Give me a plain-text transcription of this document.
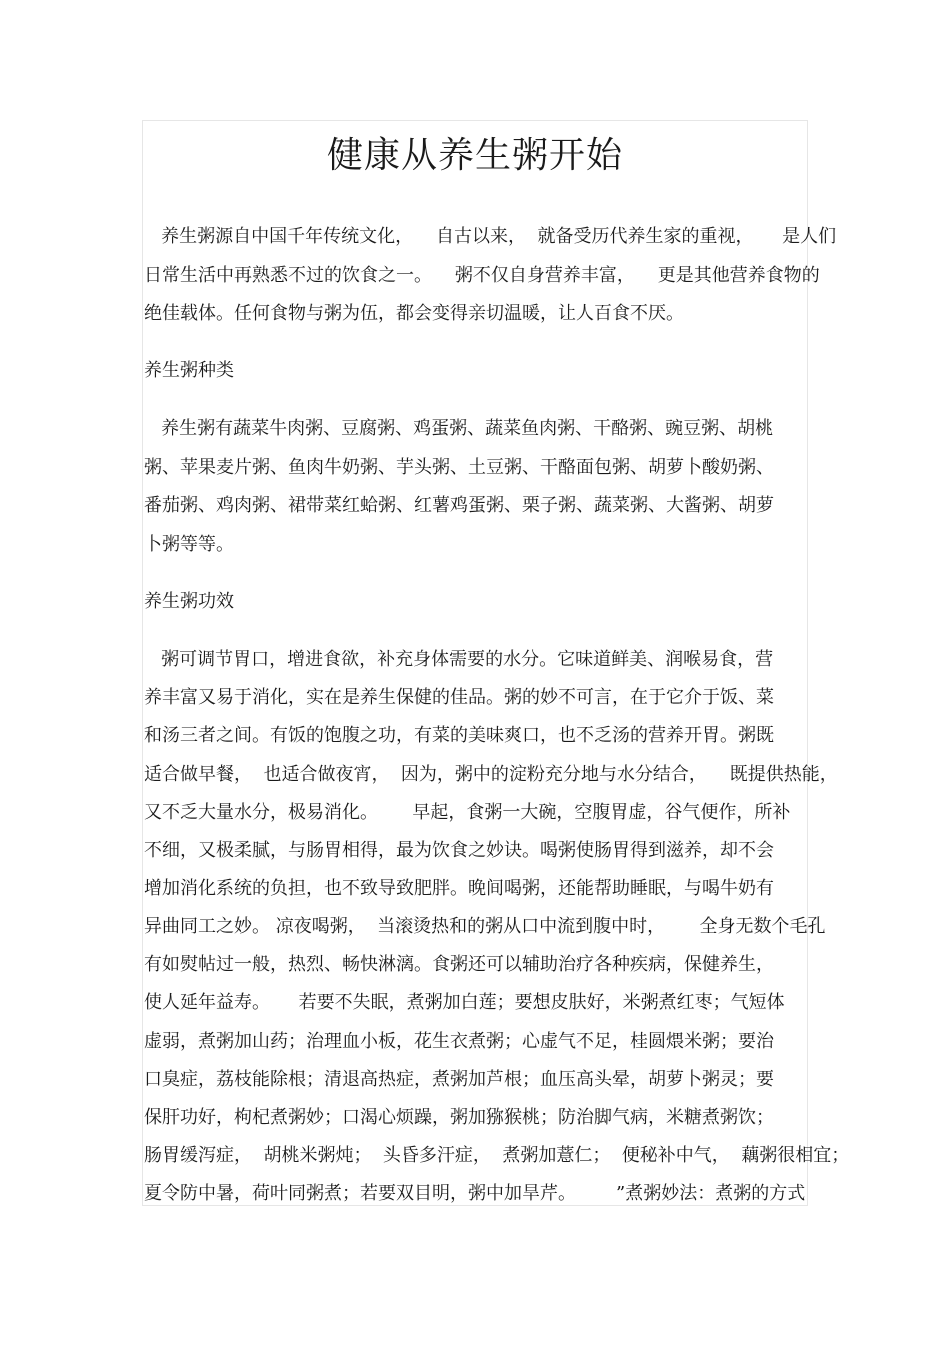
健康从养生粥开始

养生粥源自中国千年传统文化，    自古以来，  就备受历代养生家的重视，     是人们

日常生活中再熟悉不过的饮食之一。    粥不仅自身营养丰富，    更是其他营养食物的

绝佳载体。任何食物与粥为伍，都会变得亲切温暖，让人百食不厌。

养生粥种类

养生粥有蔬菜牛肉粥、豆腐粥、鸡蛋粥、蔬菜鱼肉粥、干酪粥、豌豆粥、胡桃

粥、苹果麦片粥、鱼肉牛奶粥、芋头粥、土豆粥、干酪面包粥、胡萝卜酸奶粥、

番茄粥、鸡肉粥、裙带菜红蛤粥、红薯鸡蛋粥、栗子粥、蔬菜粥、大酱粥、胡萝

卜粥等等。

养生粥功效

粥可调节胃口，增进食欲，补充身体需要的水分。它味道鲜美、润喉易食，营

养丰富又易于消化，实在是养生保健的佳品。粥的妙不可言，在于它介于饭、菜

和汤三者之间。有饭的饱腹之功，有菜的美味爽口，也不乏汤的营养开胃。粥既

适合做早餐，  也适合做夜宵，  因为，粥中的淀粉充分地与水分结合，    既提供热能，

又不乏大量水分，极易消化。      早起，食粥一大碗，空腹胃虚，谷气便作，所补

不细，又极柔腻，与肠胃相得，最为饮食之妙诀。喝粥使肠胃得到滋养，却不会

增加消化系统的负担，也不致导致肥胖。晚间喝粥，还能帮助睡眠，与喝牛奶有

异曲同工之妙。 凉夜喝粥，  当滚烫热和的粥从口中流到腹中时，      全身无数个毛孔

有如熨帖过一般，热烈、畅快淋漓。食粥还可以辅助治疗各种疾病，保健养生，

使人延年益寿。     若要不失眠，煮粥加白莲；要想皮肤好，米粥煮红枣；气短体

虚弱，煮粥加山药；治理血小板，花生衣煮粥；心虚气不足，桂圆煨米粥；要治

口臭症，荔枝能除根；清退高热症，煮粥加芦根；血压高头晕，胡萝卜粥灵；要

保肝功好，枸杞煮粥妙；口渴心烦躁，粥加猕猴桃；防治脚气病，米糖煮粥饮；

肠胃缓泻症，  胡桃米粥炖；  头昏多汗症，  煮粥加薏仁；  便秘补中气，  藕粥很相宜；

夏令防中暑，荷叶同粥煮；若要双目明，粥中加旱芹。       ”煮粥妙法：煮粥的方式
